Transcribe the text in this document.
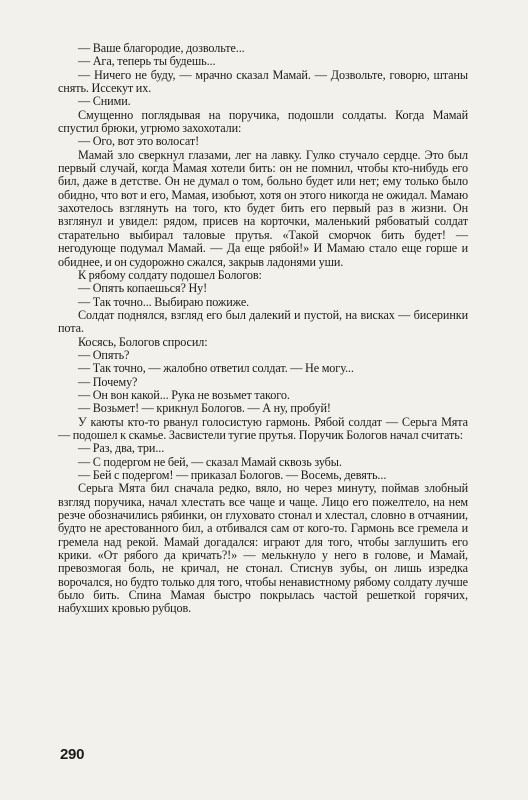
— Ваше благородие, дозвольте...

— Ага, теперь ты будешь...

— Ничего не буду, — мрачно сказал Мамай. — Дозвольте, говорю, штаны снять. Иссекут их.

— Сними.

Смущенно поглядывая на поручика, подошли солдаты. Когда Мамай спустил брюки, угрюмо захохотали:

— Ого, вот это волосат!

Мамай зло сверкнул глазами, лег на лавку. Гулко стучало сердце. Это был первый случай, когда Мамая хотели бить: он не помнил, чтобы кто-нибудь его бил, даже в детстве. Он не думал о том, больно будет или нет; ему только было обидно, что вот и его, Мамая, изобьют, хотя он этого никогда не ожидал. Мамаю захотелось взглянуть на того, кто будет бить его первый раз в жизни. Он взглянул и увидел: рядом, присев на корточки, маленький рябоватый солдат старательно выбирал таловые прутья. «Такой сморчок бить будет! — негодующе подумал Мамай. — Да еще рябой!» И Мамаю стало еще горше и обиднее, и он судорожно сжался, закрыв ладонями уши.

К рябому солдату подошел Бологов:

— Опять копаешься? Ну!

— Так точно... Выбираю пожиже.

Солдат поднялся, взгляд его был далекий и пустой, на висках — бисеринки пота.

Косясь, Бологов спросил:

— Опять?

— Так точно, — жалобно ответил солдат. — Не могу...

— Почему?

— Он вон какой... Рука не возьмет такого.

— Возьмет! — крикнул Бологов. — А ну, пробуй!

У каюты кто-то рванул голосистую гармонь. Рябой солдат — Серьга Мята — подошел к скамье. Засвистели тугие прутья. Поручик Бологов начал считать:

— Раз, два, три...

— С подергом не бей, — сказал Мамай сквозь зубы.

— Бей с подергом! — приказал Бологов. — Восемь, девять...

Серьга Мята бил сначала редко, вяло, но через минуту, поймав злобный взгляд поручика, начал хлестать все чаще и чаще. Лицо его пожелтело, на нем резче обозначились рябинки, он глуховато стонал и хлестал, словно в отчаянии, будто не арестованного бил, а отбивался сам от кого-то. Гармонь все гремела и гремела над рекой. Мамай догадался: играют для того, чтобы заглушить его крики. «От рябого да кричать?!» — мелькнуло у него в голове, и Мамай, превозмогая боль, не кричал, не стонал. Стиснув зубы, он лишь изредка ворочался, но будто только для того, чтобы ненавистному рябому солдату лучше было бить. Спина Мамая быстро покрылась частой решеткой горячих, набухших кровью рубцов.

290
